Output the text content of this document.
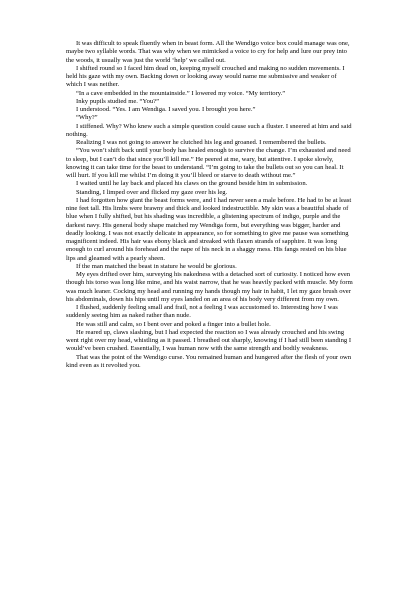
It was difficult to speak fluently when in beast form. All the Wendigo voice box could manage was one, maybe two syllable words. That was why when we mimicked a voice to cry for help and lure our prey into the woods, it usually was just the world ‘help’ we called out.

I shifted round so I faced him dead on, keeping myself crouched and making no sudden movements. I held his gaze with my own. Backing down or looking away would name me submissive and weaker of which I was neither.

“In a cave embedded in the mountainside.” I lowered my voice. “My territory.”

Inky pupils studied me. “You?”

I understood. “Yes. I am Wendiga. I saved you. I brought you here.”

“Why?”

I stiffened. Why? Who knew such a simple question could cause such a fluster. I sneered at him and said nothing.

Realizing I was not going to answer he clutched his leg and groaned. I remembered the bullets.

“You won’t shift back until your body has healed enough to survive the change. I’m exhausted and need to sleep, but I can’t do that since you’ll kill me.” He peered at me, wary, but attentive. I spoke slowly, knowing it can take time for the beast to understand. “I’m going to take the bullets out so you can heal. It will hurt. If you kill me whilst I’m doing it you’ll bleed or starve to death without me.”

I waited until he lay back and placed his claws on the ground beside him in submission.

Standing, I limped over and flicked my gaze over his leg.

I had forgotten how giant the beast forms were, and I had never seen a male before. He had to be at least nine feet tall. His limbs were brawny and thick and looked indestructible. My skin was a beautiful shade of blue when I fully shifted, but his shading was incredible, a glistening spectrum of indigo, purple and the darkest navy. His general body shape matched my Wendiga form, but everything was bigger, harder and deadly looking. I was not exactly delicate in appearance, so for something to give me pause was something magnificent indeed. His hair was ebony black and streaked with flaxen strands of sapphire. It was long enough to curl around his forehead and the nape of his neck in a shaggy mess. His fangs rested on his blue lips and gleamed with a pearly sheen.

If the man matched the beast in stature he would be glorious.

My eyes drifted over him, surveying his nakedness with a detached sort of curiosity. I noticed how even though his torso was long like mine, and his waist narrow, that he was heavily packed with muscle. My form was much leaner. Cocking my head and running my hands though my hair in habit, I let my gaze brush over his abdominals, down his hips until my eyes landed on an area of his body very different from my own.

I flushed, suddenly feeling small and frail, not a feeling I was accustomed to. Interesting how I was suddenly seeing him as naked rather than nude.

He was still and calm, so I bent over and poked a finger into a bullet hole.

He reared up, claws slashing, but I had expected the reaction so I was already crouched and his swing went right over my head, whistling as it passed. I breathed out sharply, knowing if I had still been standing I would’ve been crushed. Essentially, I was human now with the same strength and bodily weakness.

That was the point of the Wendigo curse. You remained human and hungered after the flesh of your own kind even as it revolted you.
